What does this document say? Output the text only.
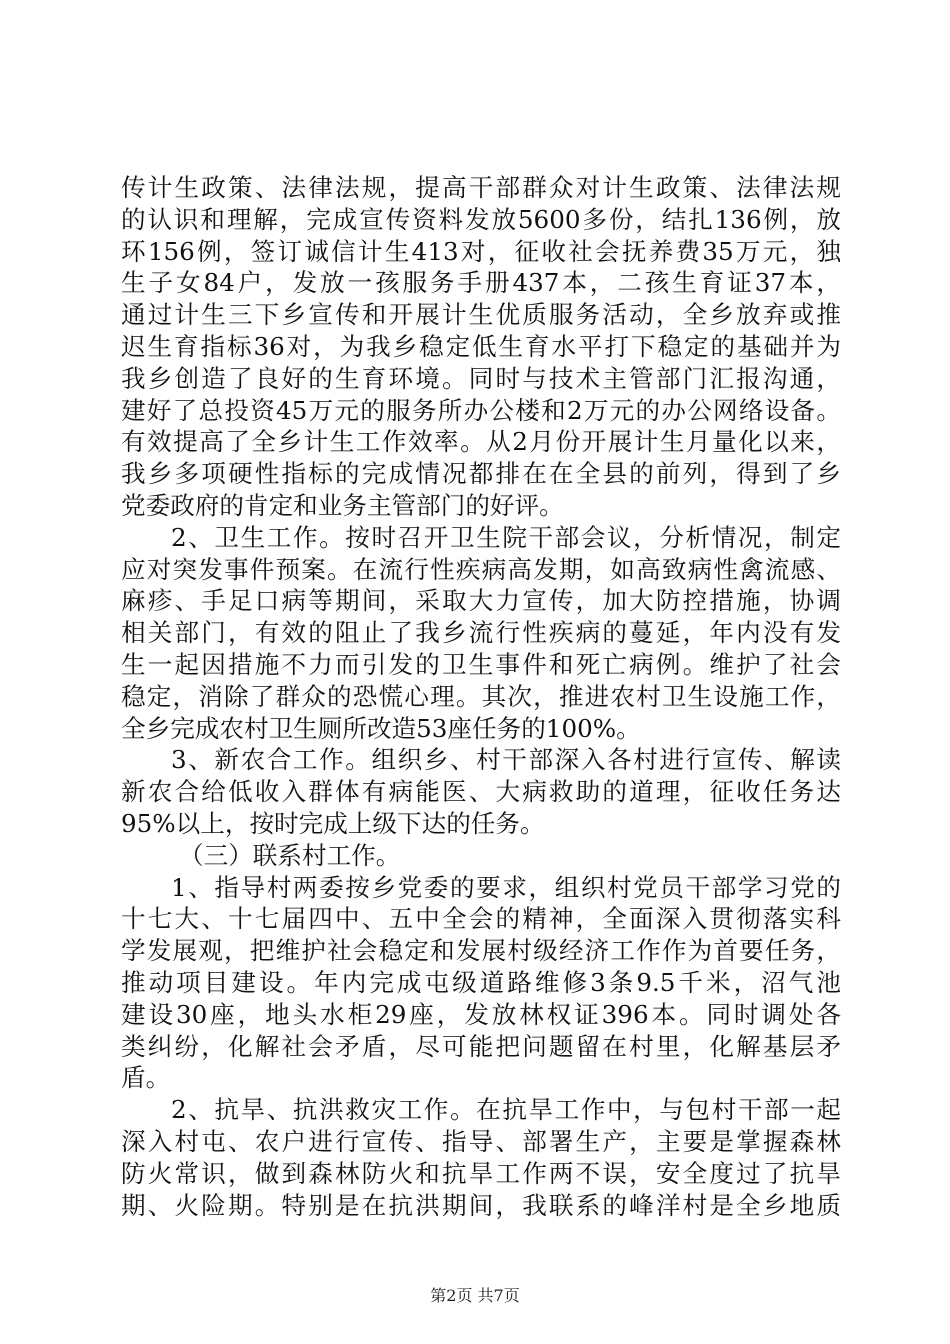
传计生政策、法律法规，提高干部群众对计生政策、法律法规
的认识和理解，完成宣传资料发放5600多份，结扎136例，放
环156例，签订诚信计生413对，征收社会抚养费35万元，独
生子女84户，发放一孩服务手册437本，二孩生育证37本，
通过计生三下乡宣传和开展计生优质服务活动，全乡放弃或推
迟生育指标36对，为我乡稳定低生育水平打下稳定的基础并为
我乡创造了良好的生育环境。同时与技术主管部门汇报沟通，
建好了总投资45万元的服务所办公楼和2万元的办公网络设备。
有效提高了全乡计生工作效率。从2月份开展计生月量化以来，
我乡多项硬性指标的完成情况都排在在全县的前列，得到了乡
党委政府的肯定和业务主管部门的好评。
2、卫生工作。按时召开卫生院干部会议，分析情况，制定
应对突发事件预案。在流行性疾病高发期，如高致病性禽流感、
麻疹、手足口病等期间，采取大力宣传，加大防控措施，协调
相关部门，有效的阻止了我乡流行性疾病的蔓延，年内没有发
生一起因措施不力而引发的卫生事件和死亡病例。维护了社会
稳定，消除了群众的恐慌心理。其次，推进农村卫生设施工作，
全乡完成农村卫生厕所改造53座任务的100%。
3、新农合工作。组织乡、村干部深入各村进行宣传、解读
新农合给低收入群体有病能医、大病救助的道理，征收任务达
95%以上，按时完成上级下达的任务。
（三）联系村工作。
1、指导村两委按乡党委的要求，组织村党员干部学习党的
十七大、十七届四中、五中全会的精神，全面深入贯彻落实科
学发展观，把维护社会稳定和发展村级经济工作作为首要任务，
推动项目建设。年内完成屯级道路维修3条9.5千米，沼气池
建设30座，地头水柜29座，发放林权证396本。同时调处各
类纠纷，化解社会矛盾，尽可能把问题留在村里，化解基层矛
盾。
2、抗旱、抗洪救灾工作。在抗旱工作中，与包村干部一起
深入村屯、农户进行宣传、指导、部署生产，主要是掌握森林
防火常识，做到森林防火和抗旱工作两不误，安全度过了抗旱
期、火险期。特别是在抗洪期间，我联系的峰洋村是全乡地质
第2页 共7页
